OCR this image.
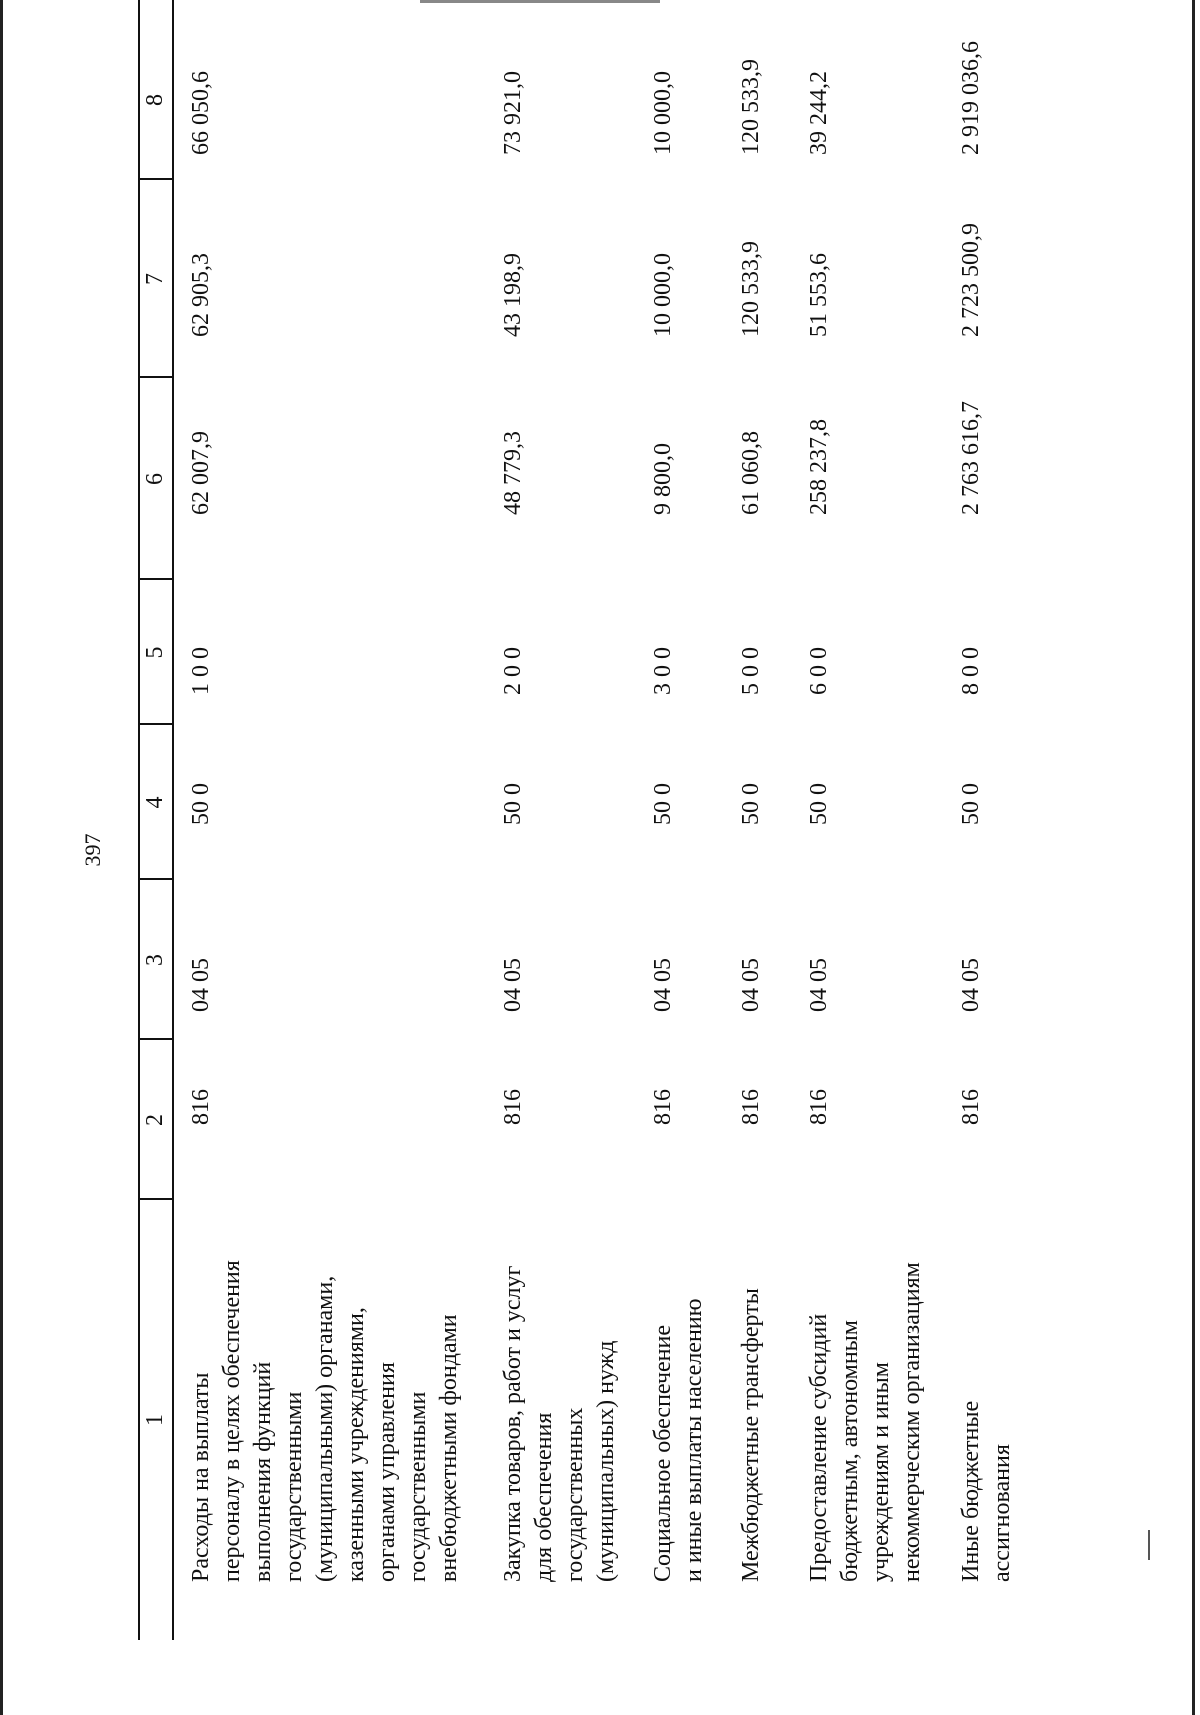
397
1
2
3
4
5
6
7
8
Расходы на выплаты
персоналу в целях обеспечения
выполнения функций
государственными
(муниципальными) органами,
казенными учреждениями,
органами управления
государственными
внебюджетными фондами
816
04 05
50 0
1 0 0
62 007,9
62 905,3
66 050,6
Закупка товаров, работ и услуг
для обеспечения
государственных
(муниципальных) нужд
816
04 05
50 0
2 0 0
48 779,3
43 198,9
73 921,0
Социальное обеспечение
и иные выплаты населению
816
04 05
50 0
3 0 0
9 800,0
10 000,0
10 000,0
Межбюджетные трансферты
816
04 05
50 0
5 0 0
61 060,8
120 533,9
120 533,9
Предоставление субсидий
бюджетным, автономным
учреждениям и иным
некоммерческим организациям
816
04 05
50 0
6 0 0
258 237,8
51 553,6
39 244,2
Иные бюджетные
ассигнования
816
04 05
50 0
8 0 0
2 763 616,7
2 723 500,9
2 919 036,6
